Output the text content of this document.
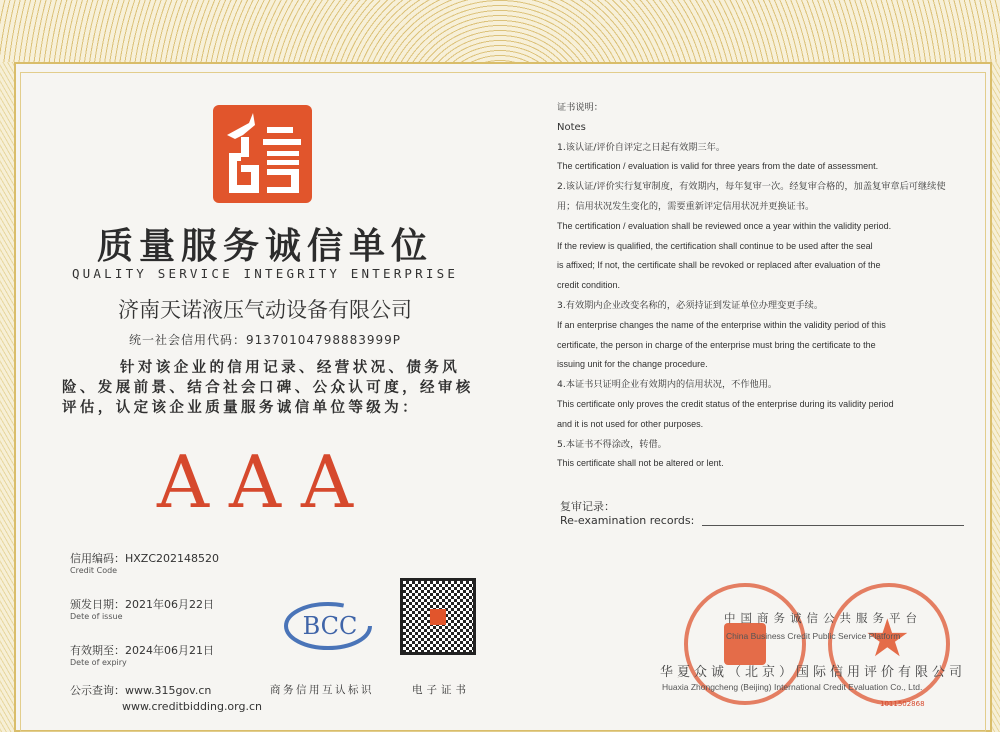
质量服务诚信单位
QUALITY SERVICE INTEGRITY ENTERPRISE
济南天诺液压气动设备有限公司
统一社会信用代码：91370104798883999P
针对该企业的信用记录、经营状况、债务风险、发展前景、结合社会口碑、公众认可度，经审核评估，认定该企业质量服务诚信单位等级为：
AAA
信用编码：HXZC202148520
Credit Code
颁发日期：2021年06月22日
Dete of issue
有效期至：2024年06月21日
Dete of expiry
公示查询：www.315gov.cn
www.creditbidding.org.cn
BCC
商务信用互认标识	电子证书
证书说明：
Notes
1.该认证/评价自评定之日起有效期三年。
The certification / evaluation is valid for three years from the date of assessment.
2.该认证/评价实行复审制度，有效期内，每年复审一次。经复审合格的，加盖复审章后可继续使
用；信用状况发生变化的，需要重新评定信用状况并更换证书。
The certification / evaluation shall be reviewed once a year within the validity period.
If the review is qualified, the certification shall continue to be used after the seal
is affixed; If not, the certificate shall be revoked or replaced after evaluation of the
credit condition.
3.有效期内企业改变名称的，必须持证到发证单位办理变更手续。
If an enterprise changes the name of the enterprise within the validity period of this
certificate, the person in charge of the enterprise must bring the certificate to the
issuing unit for the change procedure.
4.本证书只证明企业有效期内的信用状况，不作他用。
This certificate only proves the credit status of the enterprise during its validity period
and it is not used for other purposes.
5.本证书不得涂改，转借。
This certificate shall not be altered or lent.
复审记录：
Re-examination records:
★
中国商务诚信公共服务平台
China Business Credit Public Service Platform
华夏众诚（北京）国际信用评价有限公司
Huaxia Zhongcheng (Beijing) International Credit Evaluation Co., Ltd.
1011502868
